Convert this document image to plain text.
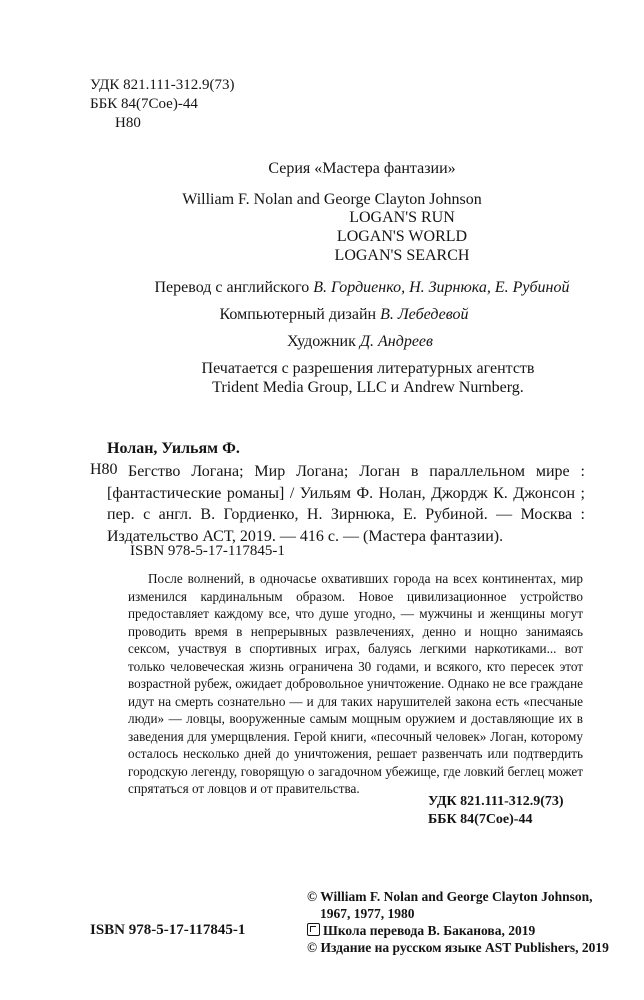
УДК 821.111-312.9(73)
ББК 84(7Сое)-44
Н80
Серия «Мастера фантазии»
William F. Nolan and George Clayton Johnson
LOGAN'S RUN
LOGAN'S WORLD
LOGAN'S SEARCH
Перевод с английского В. Гордиенко, Н. Зирнюка, Е. Рубиной
Компьютерный дизайн В. Лебедевой
Художник Д. Андреев
Печатается с разрешения литературных агентств
Trident Media Group, LLC и Andrew Nurnberg.
Нолан, Уильям Ф.
Н80 Бегство Логана; Мир Логана; Логан в параллельном мире : [фантастические романы] / Уильям Ф. Нолан, Джордж К. Джонсон ; пер. с англ. В. Гордиенко, Н. Зирнюка, Е. Рубиной. — Москва : Издательство АСТ, 2019. — 416 с. — (Мастера фантазии).
ISBN 978-5-17-117845-1
После волнений, в одночасье охвативших города на всех континентах, мир изменился кардинальным образом. Новое цивилизационное устройство предоставляет каждому все, что душе угодно, — мужчины и женщины могут проводить время в непрерывных развлечениях, денно и нощно занимаясь сексом, участвуя в спортивных играх, балуясь легкими наркотиками... вот только человеческая жизнь ограничена 30 годами, и всякого, кто пересек этот возрастной рубеж, ожидает добровольное уничтожение. Однако не все граждане идут на смерть сознательно — и для таких нарушителей закона есть «песчаные люди» — ловцы, вооруженные самым мощным оружием и доставляющие их в заведения для умерщвления. Герой книги, «песочный человек» Логан, которому осталось несколько дней до уничтожения, решает развенчать или подтвердить городскую легенду, говорящую о загадочном убежище, где ловкий беглец может спрятаться от ловцов и от правительства.
УДК 821.111-312.9(73)
ББК 84(7Сое)-44
© William F. Nolan and George Clayton Johnson,
1967, 1977, 1980
Школа перевода В. Баканова, 2019
© Издание на русском языке AST Publishers, 2019
ISBN 978-5-17-117845-1
